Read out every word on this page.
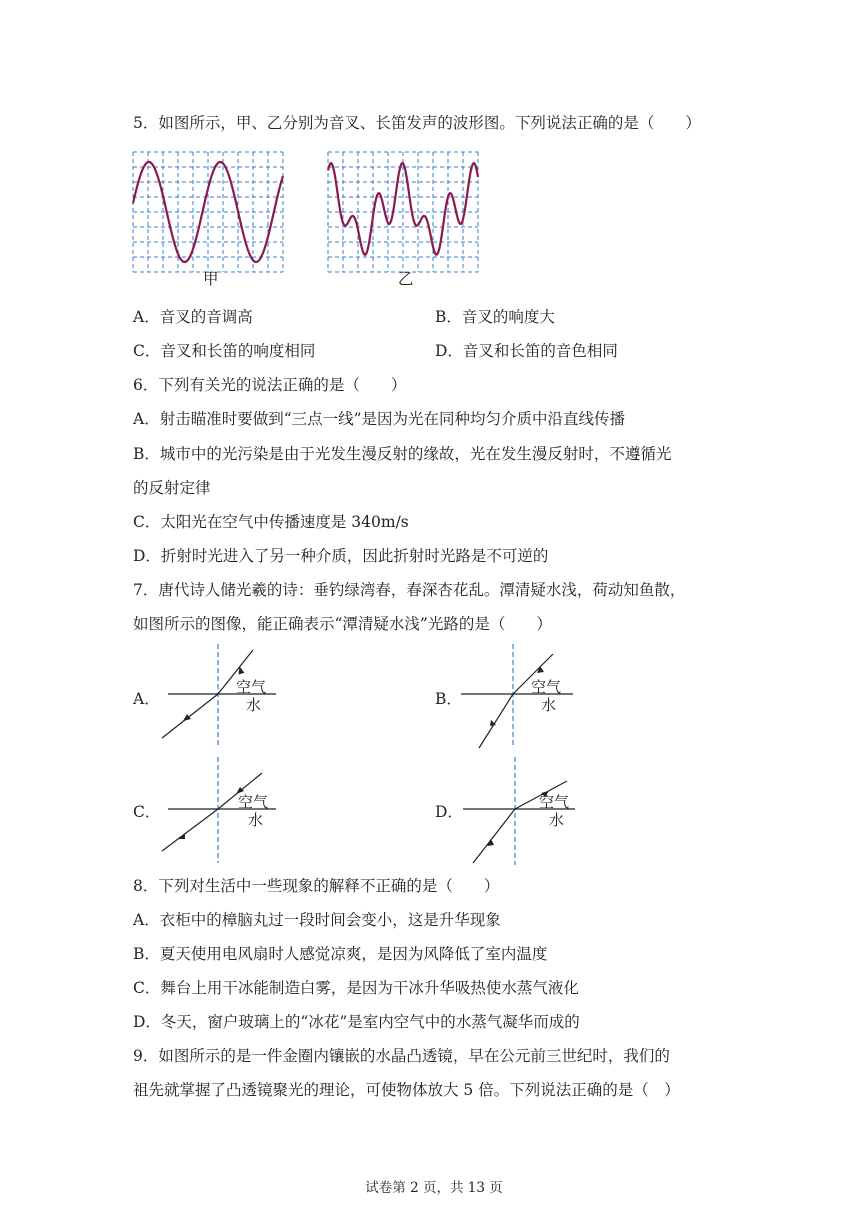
5．如图所示，甲、乙分别为音叉、长笛发声的波形图。下列说法正确的是（　　）
甲	乙
A．音叉的音调高	B．音叉的响度大
C．音叉和长笛的响度相同	D．音叉和长笛的音色相同
6．下列有关光的说法正确的是（　　）
A．射击瞄准时要做到“三点一线”是因为光在同种均匀介质中沿直线传播
B．城市中的光污染是由于光发生漫反射的缘故，光在发生漫反射时，不遵循光
的反射定律
C．太阳光在空气中传播速度是 340m/s
D．折射时光进入了另一种介质，因此折射时光路是不可逆的
7．唐代诗人储光羲的诗：垂钓绿湾春，春深杏花乱。潭清疑水浅，荷动知鱼散，
如图所示的图像，能正确表示“潭清疑水浅”光路的是（　　）
A．
空气
水	B．
空气
水
C．
空气
水	D．
空气
水
8．下列对生活中一些现象的解释不正确的是（　　）
A．衣柜中的樟脑丸过一段时间会变小，这是升华现象
B．夏天使用电风扇时人感觉凉爽，是因为风降低了室内温度
C．舞台上用干冰能制造白雾，是因为干冰升华吸热使水蒸气液化
D．冬天，窗户玻璃上的“冰花”是室内空气中的水蒸气凝华而成的
9．如图所示的是一件金圈内镶嵌的水晶凸透镜，早在公元前三世纪时，我们的
祖先就掌握了凸透镜聚光的理论，可使物体放大 5 倍。下列说法正确的是（　）
试卷第 2 页，共 13 页
